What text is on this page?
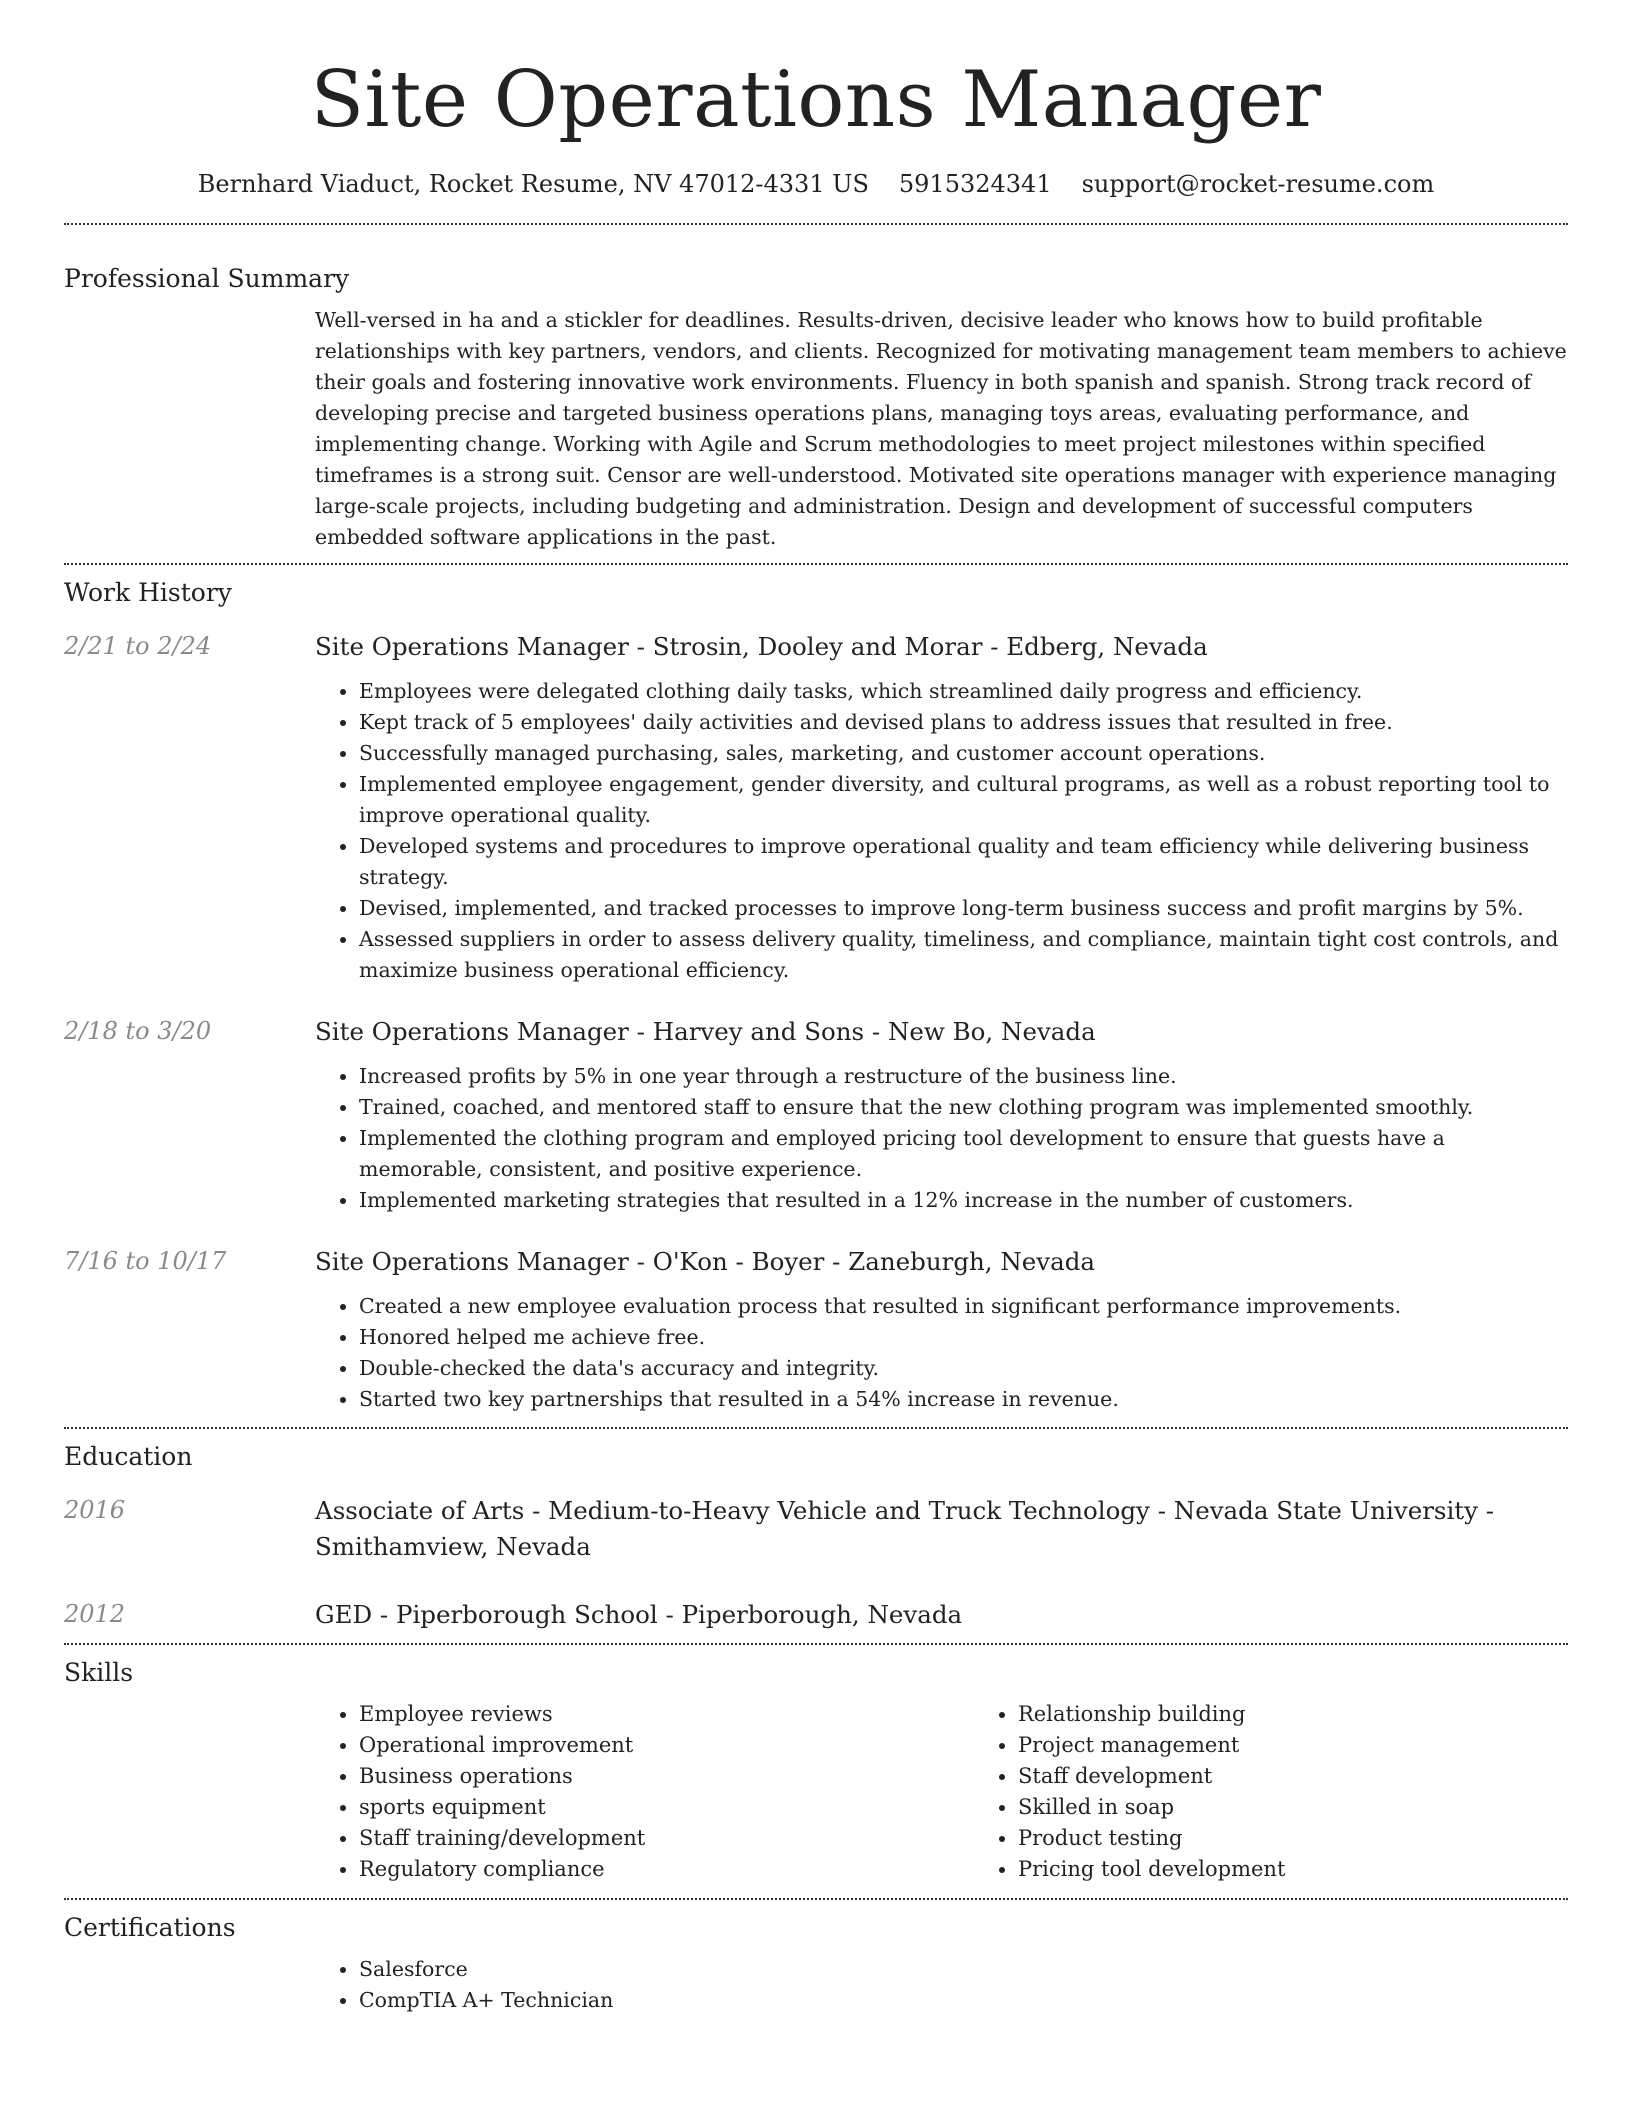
Site Operations Manager
Bernhard Viaduct, Rocket Resume, NV 47012-4331 US 5915324341 support@rocket-resume.com
Professional Summary
Well-versed in ha and a stickler for deadlines. Results-driven, decisive leader who knows how to build profitable relationships with key partners, vendors, and clients. Recognized for motivating management team members to achieve their goals and fostering innovative work environments. Fluency in both spanish and spanish. Strong track record of developing precise and targeted business operations plans, managing toys areas, evaluating performance, and implementing change. Working with Agile and Scrum methodologies to meet project milestones within specified timeframes is a strong suit. Censor are well-understood. Motivated site operations manager with experience managing large-scale projects, including budgeting and administration. Design and development of successful computers embedded software applications in the past.
Work History
2/21 to 2/24	Site Operations Manager - Strosin, Dooley and Morar - Edberg, Nevada
• Employees were delegated clothing daily tasks, which streamlined daily progress and efficiency.
• Kept track of 5 employees' daily activities and devised plans to address issues that resulted in free.
• Successfully managed purchasing, sales, marketing, and customer account operations.
• Implemented employee engagement, gender diversity, and cultural programs, as well as a robust reporting tool to improve operational quality.
• Developed systems and procedures to improve operational quality and team efficiency while delivering business strategy.
• Devised, implemented, and tracked processes to improve long-term business success and profit margins by 5%.
• Assessed suppliers in order to assess delivery quality, timeliness, and compliance, maintain tight cost controls, and maximize business operational efficiency.
2/18 to 3/20	Site Operations Manager - Harvey and Sons - New Bo, Nevada
• Increased profits by 5% in one year through a restructure of the business line.
• Trained, coached, and mentored staff to ensure that the new clothing program was implemented smoothly.
• Implemented the clothing program and employed pricing tool development to ensure that guests have a memorable, consistent, and positive experience.
• Implemented marketing strategies that resulted in a 12% increase in the number of customers.
7/16 to 10/17	Site Operations Manager - O'Kon - Boyer - Zaneburgh, Nevada
• Created a new employee evaluation process that resulted in significant performance improvements.
• Honored helped me achieve free.
• Double-checked the data's accuracy and integrity.
• Started two key partnerships that resulted in a 54% increase in revenue.
Education
2016	Associate of Arts - Medium-to-Heavy Vehicle and Truck Technology - Nevada State University - Smithamview, Nevada
2012	GED - Piperborough School - Piperborough, Nevada
Skills
• Employee reviews
• Operational improvement
• Business operations
• sports equipment
• Staff training/development
• Regulatory compliance
• Relationship building
• Project management
• Staff development
• Skilled in soap
• Product testing
• Pricing tool development
Certifications
• Salesforce
• CompTIA A+ Technician
